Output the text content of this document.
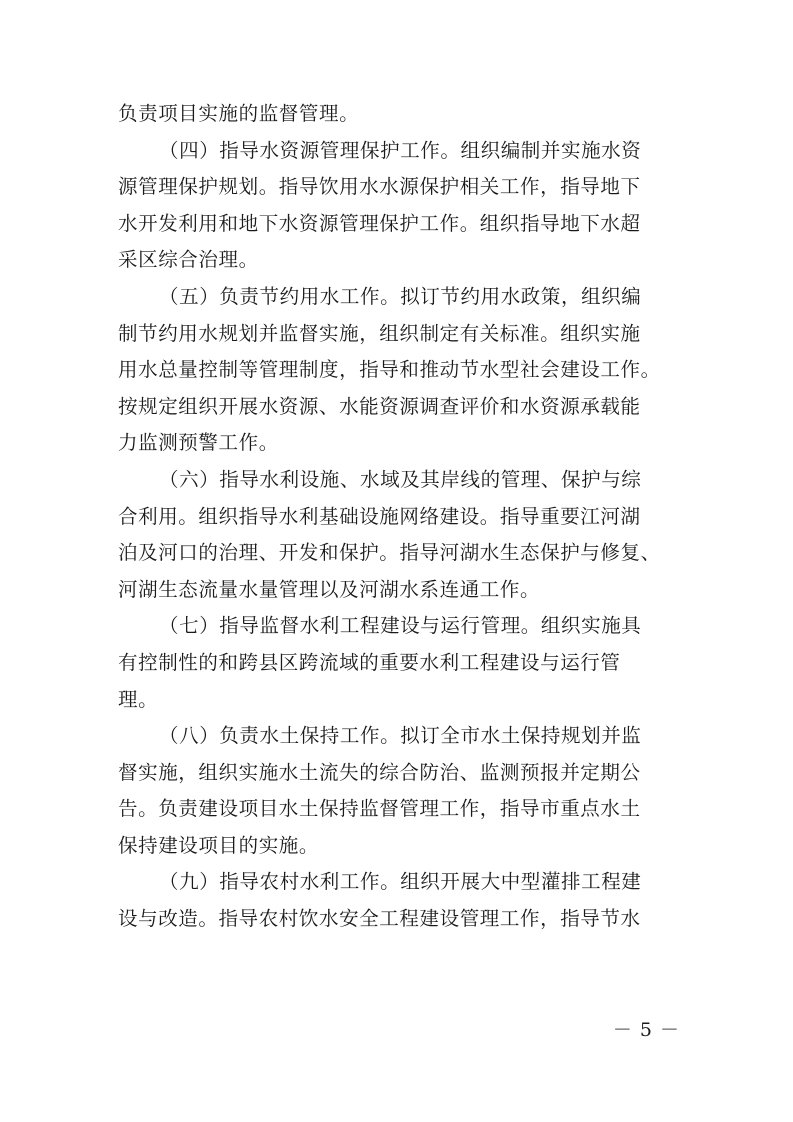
负责项目实施的监督管理。
（四）指导水资源管理保护工作。组织编制并实施水资
源管理保护规划。指导饮用水水源保护相关工作，指导地下
水开发利用和地下水资源管理保护工作。组织指导地下水超
采区综合治理。
（五）负责节约用水工作。拟订节约用水政策，组织编
制节约用水规划并监督实施，组织制定有关标准。组织实施
用水总量控制等管理制度，指导和推动节水型社会建设工作。
按规定组织开展水资源、水能资源调查评价和水资源承载能
力监测预警工作。
（六）指导水利设施、水域及其岸线的管理、保护与综
合利用。组织指导水利基础设施网络建设。指导重要江河湖
泊及河口的治理、开发和保护。指导河湖水生态保护与修复、
河湖生态流量水量管理以及河湖水系连通工作。
（七）指导监督水利工程建设与运行管理。组织实施具
有控制性的和跨县区跨流域的重要水利工程建设与运行管
理。
（八）负责水土保持工作。拟订全市水土保持规划并监
督实施，组织实施水土流失的综合防治、监测预报并定期公
告。负责建设项目水土保持监督管理工作，指导市重点水土
保持建设项目的实施。
（九）指导农村水利工作。组织开展大中型灌排工程建
设与改造。指导农村饮水安全工程建设管理工作，指导节水
－ 5 －
